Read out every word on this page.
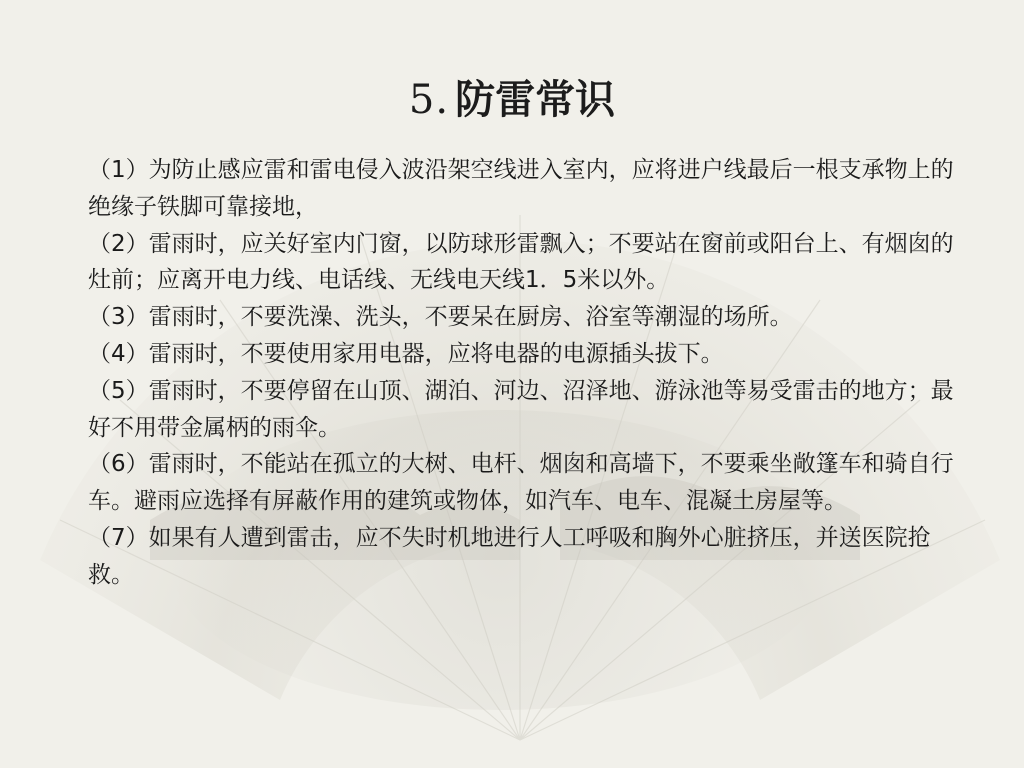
5. 防雷常识

（1）为防止感应雷和雷电侵入波沿架空线进入室内，应将进户线最后一根支承物上的绝缘子铁脚可靠接地，

（2）雷雨时，应关好室内门窗，以防球形雷飘入；不要站在窗前或阳台上、有烟囱的灶前；应离开电力线、电话线、无线电天线1．5米以外。

（3）雷雨时，不要洗澡、洗头，不要呆在厨房、浴室等潮湿的场所。

（4）雷雨时，不要使用家用电器，应将电器的电源插头拔下。

（5）雷雨时，不要停留在山顶、湖泊、河边、沼泽地、游泳池等易受雷击的地方；最好不用带金属柄的雨伞。

（6）雷雨时，不能站在孤立的大树、电杆、烟囱和高墙下，不要乘坐敞篷车和骑自行车。避雨应选择有屏蔽作用的建筑或物体，如汽车、电车、混凝土房屋等。

（7）如果有人遭到雷击，应不失时机地进行人工呼吸和胸外心脏挤压，并送医院抢救。
